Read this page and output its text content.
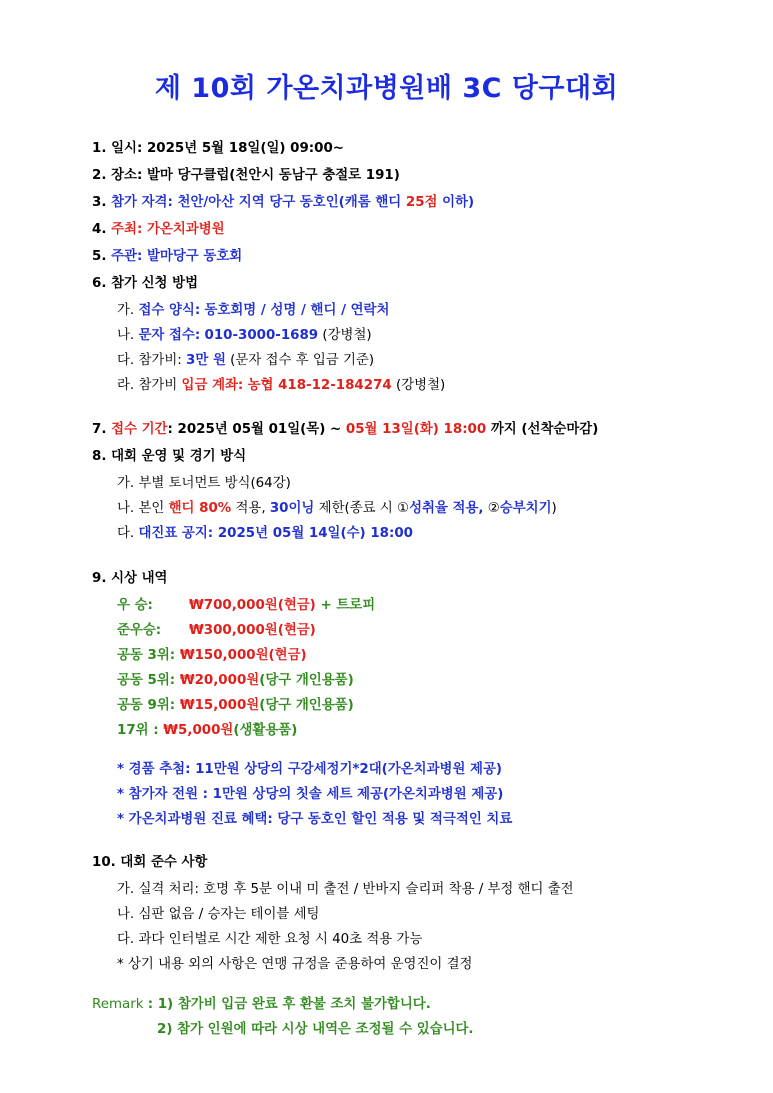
제 10회 가온치과병원배 3C 당구대회
1. 일시: 2025년 5월 18일(일) 09:00~
2. 장소: 발마 당구클럽(천안시 동남구 충절로 191)
3. 참가 자격: 천안/아산 지역 당구 동호인(캐롬 핸디 25점 이하)
4. 주최: 가온치과병원
5. 주관: 발마당구 동호회
6. 참가 신청 방법
가. 접수 양식: 동호회명 / 성명 / 핸디 / 연락처
나. 문자 접수: 010-3000-1689 (강병철)
다. 참가비: 3만 원 (문자 접수 후 입금 기준)
라. 참가비 입금 계좌: 농협 418-12-184274 (강병철)
7. 접수 기간: 2025년 05월 01일(목) ~ 05월 13일(화) 18:00 까지 (선착순마감)
8. 대회 운영 및 경기 방식
가. 부별 토너먼트 방식(64강)
나. 본인 핸디 80% 적용, 30이닝 제한(종료 시 ①성취율 적용, ②승부치기)
다. 대진표 공지: 2025년 05월 14일(수) 18:00
9. 시상 내역
우 승:	₩700,000원(현금) + 트로피
준우승: ₩300,000원(현금)
공동 3위: ₩150,000원(현금)
공동 5위: ₩20,000원(당구 개인용품)
공동 9위: ₩15,000원(당구 개인용품)
17위 : ₩5,000원(생활용품)
* 경품 추첨: 11만원 상당의 구강세정기*2대(가온치과병원 제공)
* 참가자 전원 : 1만원 상당의 칫솔 세트 제공(가온치과병원 제공)
* 가온치과병원 진료 혜택: 당구 동호인 할인 적용 및 적극적인 치료
10. 대회 준수 사항
가. 실격 처리: 호명 후 5분 이내 미 출전 / 반바지 슬리퍼 착용 / 부정 핸디 출전
나. 심판 없음 / 승자는 테이블 세팅
다. 과다 인터벌로 시간 제한 요청 시 40초 적용 가능
* 상기 내용 외의 사항은 연맹 규정을 준용하여 운영진이 결정
Remark : 1) 참가비 입금 완료 후 환불 조치 불가합니다.
2) 참가 인원에 따라 시상 내역은 조정될 수 있습니다.
